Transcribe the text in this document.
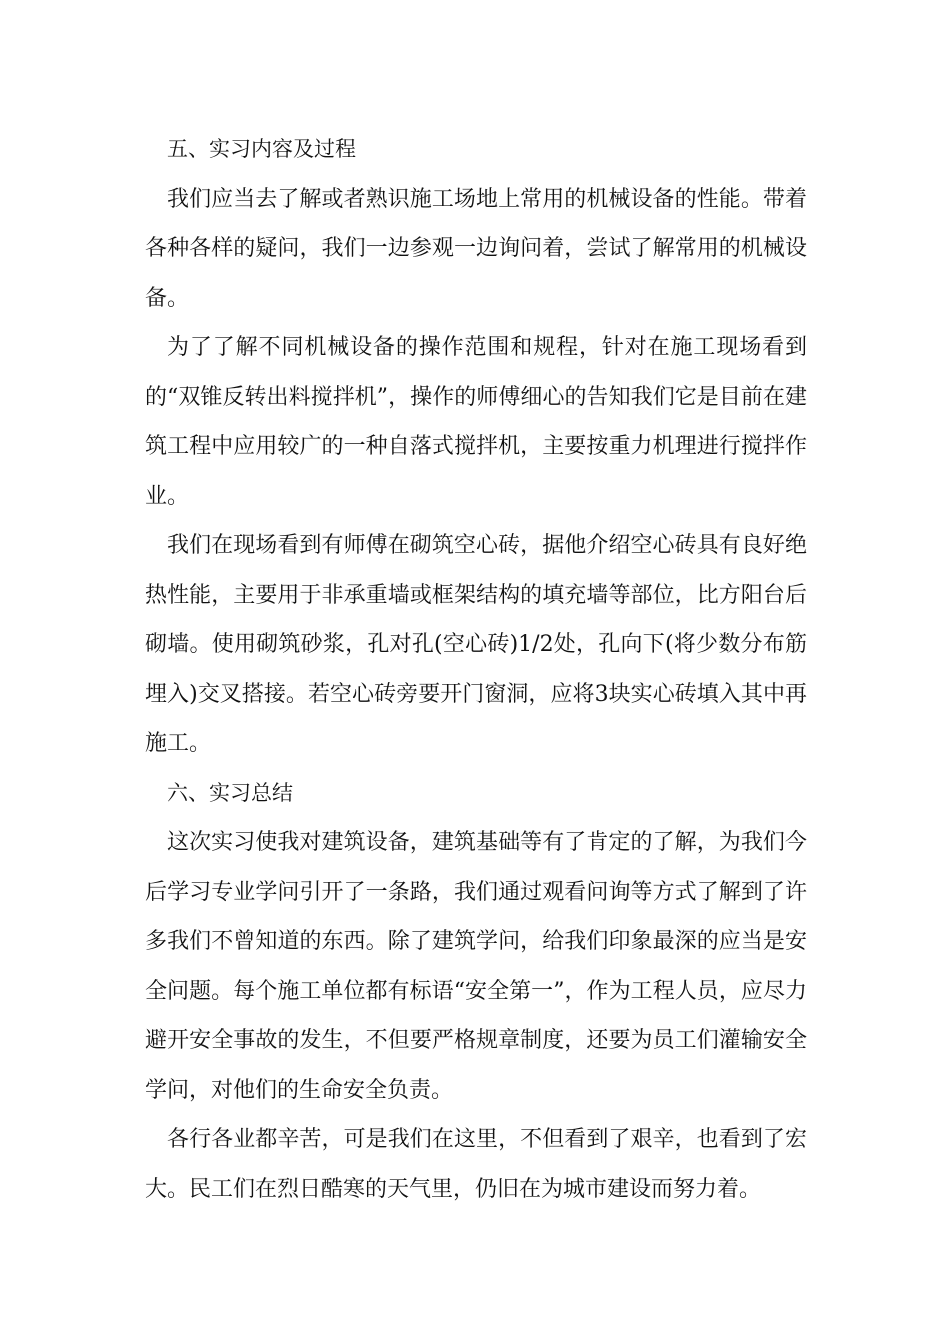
五、实习内容及过程

我们应当去了解或者熟识施工场地上常用的机械设备的性能。带着各种各样的疑问，我们一边参观一边询问着，尝试了解常用的机械设备。

为了了解不同机械设备的操作范围和规程，针对在施工现场看到的“双锥反转出料搅拌机”，操作的师傅细心的告知我们它是目前在建筑工程中应用较广的一种自落式搅拌机，主要按重力机理进行搅拌作业。

我们在现场看到有师傅在砌筑空心砖，据他介绍空心砖具有良好绝热性能，主要用于非承重墙或框架结构的填充墙等部位，比方阳台后砌墙。使用砌筑砂浆，孔对孔(空心砖)1/2处，孔向下(将少数分布筋埋入)交叉搭接。若空心砖旁要开门窗洞，应将3块实心砖填入其中再施工。

六、实习总结

这次实习使我对建筑设备，建筑基础等有了肯定的了解，为我们今后学习专业学问引开了一条路，我们通过观看问询等方式了解到了许多我们不曾知道的东西。除了建筑学问，给我们印象最深的应当是安全问题。每个施工单位都有标语“安全第一”，作为工程人员，应尽力避开安全事故的发生，不但要严格规章制度，还要为员工们灌输安全学问，对他们的生命安全负责。

各行各业都辛苦，可是我们在这里，不但看到了艰辛，也看到了宏大。民工们在烈日酷寒的天气里，仍旧在为城市建设而努力着。
